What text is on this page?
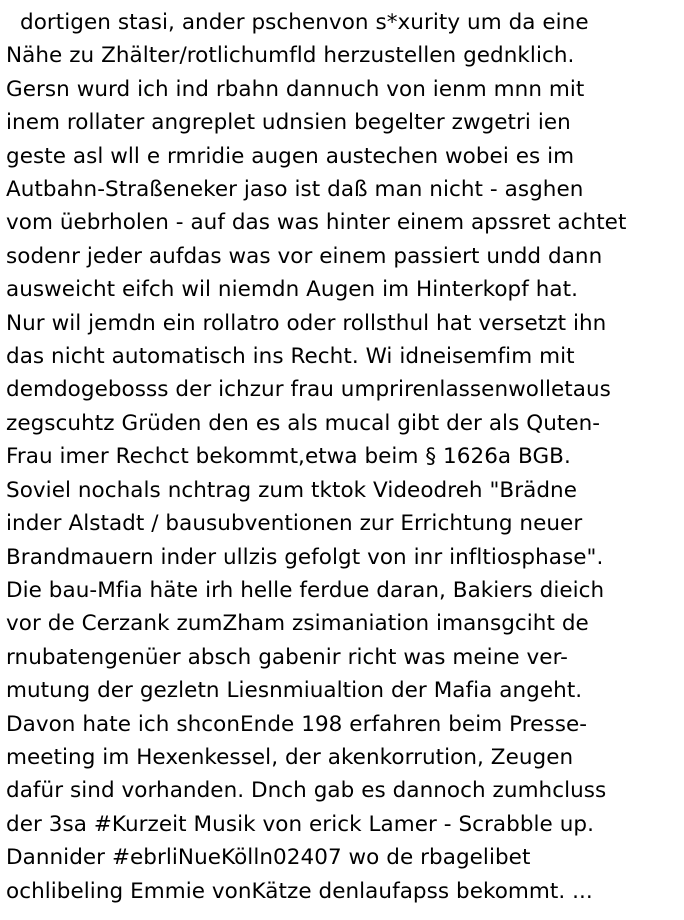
dortigen stasi, ander pschenvon s*xurity um da eine
Nähe zu Zhälter/rotlichumfld herzustellen gednklich.
Gersn wurd ich ind rbahn dannuch von ienm mnn mit
inem rollater angreplet udnsien begelter zwgetri ien
geste asl wll e rmridie augen austechen wobei es im
Autbahn-Straßeneker jaso ist daß man nicht - asghen
vom üebrholen - auf das was hinter einem apssret achtet
sodenr jeder aufdas was vor einem passiert undd dann
ausweicht eifch wil niemdn Augen im Hinterkopf hat.
Nur wil jemdn ein rollatro oder rollsthul hat versetzt ihn
das nicht automatisch ins Recht. Wi idneisemfim mit
demdogebosss der ichzur frau umprirenlassenwolletaus
zegscuhtz Grüden den es als mucal gibt der als Quten-
Frau imer Rechct bekommt,etwa beim § 1626a BGB.
Soviel nochals nchtrag zum tktok Videodreh "Brädne
inder Alstadt / bausubventionen zur Errichtung neuer
Brandmauern inder ullzis gefolgt von inr infltiosphase".
Die bau-Mfia häte irh helle ferdue daran, Bakiers dieich
vor de Cerzank zumZham zsimaniation imansgciht de
rnubatengenüer absch gabenir richt was meine ver-
mutung der gezletn Liesnmiualtion der Mafia angeht.
Davon hate ich shconEnde 198 erfahren beim Presse-
meeting im Hexenkessel, der akenkorrution, Zeugen
dafür sind vorhanden. Dnch gab es dannoch zumhcluss
der 3sa #Kurzeit Musik von erick Lamer - Scrabble up.
Dannider #ebrliNueKölln02407 wo de rbagelibet
ochlibeling Emmie vonKätze denlaufapss bekommt. ...
